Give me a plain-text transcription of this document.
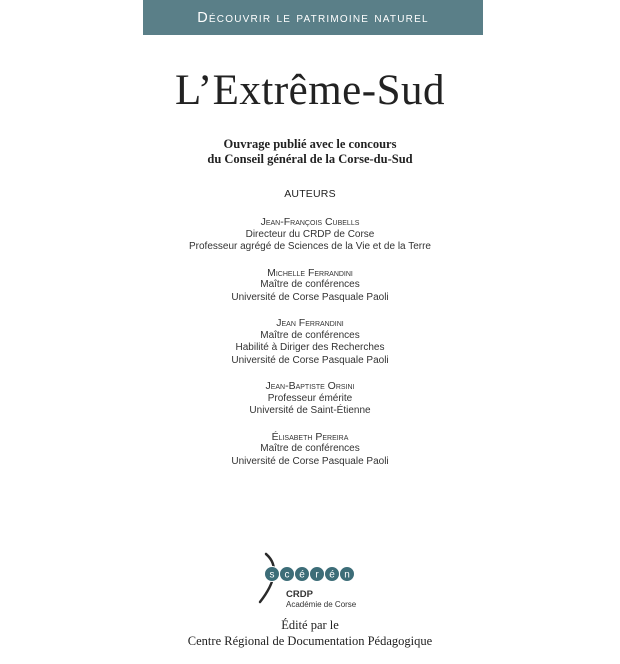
Découvrir le patrimoine naturel
L’Extrême-Sud
Ouvrage publié avec le concours
du Conseil général de la Corse-du-Sud
AUTEURS
Jean-François Cubells
Directeur du CRDP de Corse
Professeur agrégé de Sciences de la Vie et de la Terre
Michelle Ferrandini
Maître de conférences
Université de Corse Pasquale Paoli
Jean Ferrandini
Maître de conférences
Habilité à Diriger des Recherches
Université de Corse Pasquale Paoli
Jean-Baptiste Orsini
Professeur émérite
Université de Saint-Étienne
Élisabeth Pereira
Maître de conférences
Université de Corse Pasquale Paoli
s c é r é n
CRDP
Académie de Corse
Édité par le
Centre Régional de Documentation Pédagogique
